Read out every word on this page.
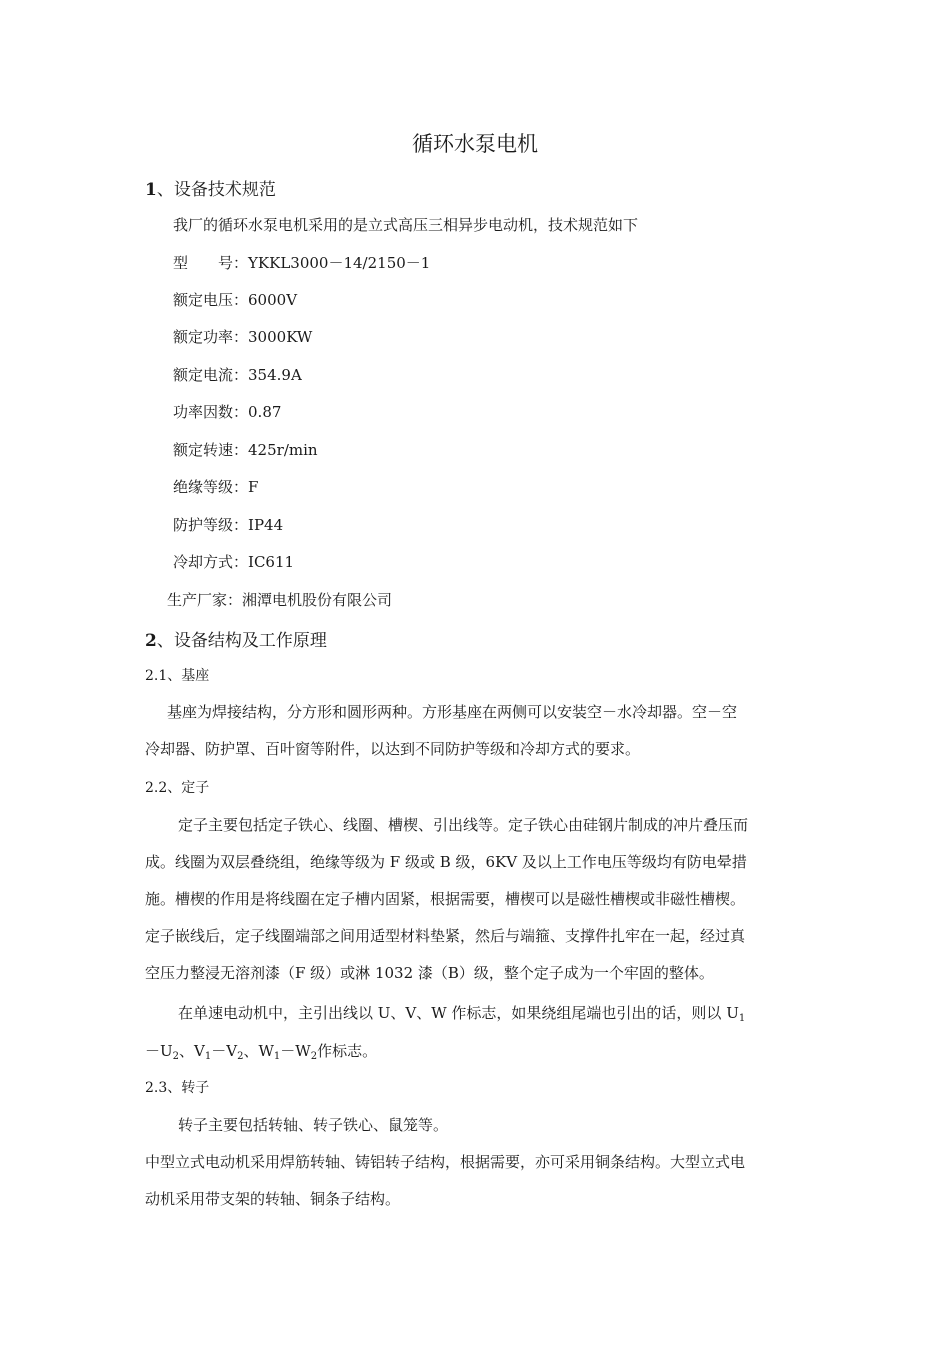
循环水泵电机
1、设备技术规范
我厂的循环水泵电机采用的是立式高压三相异步电动机，技术规范如下
型　　号：YKKL3000－14/2150－1
额定电压：6000V
额定功率：3000KW
额定电流：354.9A
功率因数：0.87
额定转速：425r/min
绝缘等级：F
防护等级：IP44
冷却方式：IC611
生产厂家：湘潭电机股份有限公司
2、设备结构及工作原理
2.1、基座
基座为焊接结构，分方形和圆形两种。方形基座在两侧可以安装空－水冷却器。空－空
冷却器、防护罩、百叶窗等附件，以达到不同防护等级和冷却方式的要求。
2.2、定子
定子主要包括定子铁心、线圈、槽楔、引出线等。定子铁心由硅钢片制成的冲片叠压而
成。线圈为双层叠绕组，绝缘等级为 F 级或 B 级，6KV 及以上工作电压等级均有防电晕措
施。槽楔的作用是将线圈在定子槽内固紧，根据需要，槽楔可以是磁性槽楔或非磁性槽楔。
定子嵌线后，定子线圈端部之间用适型材料垫紧，然后与端箍、支撑件扎牢在一起，经过真
空压力整浸无溶剂漆（F 级）或淋 1032 漆（B）级，整个定子成为一个牢固的整体。
在单速电动机中，主引出线以 U、V、W 作标志，如果绕组尾端也引出的话，则以 $U_1$
$-U_2$、$V_1-V_2$、$W_1-W_2$作标志。
2.3、转子
转子主要包括转轴、转子铁心、鼠笼等。
中型立式电动机采用焊筋转轴、铸铝转子结构，根据需要，亦可采用铜条结构。大型立式电
动机采用带支架的转轴、铜条子结构。
